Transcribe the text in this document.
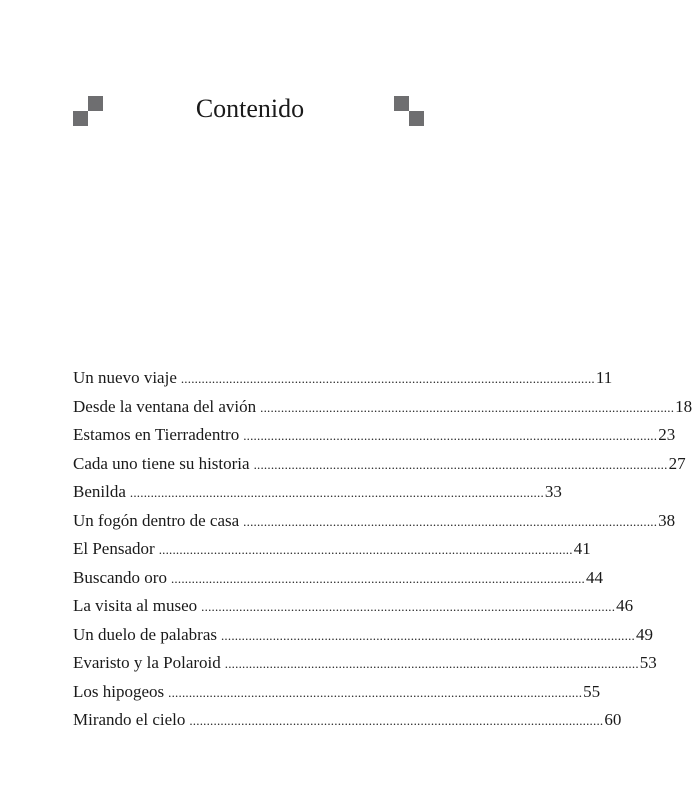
Contenido
Un nuevo viaje ........................................................................................................................ 11
Desde la ventana del avión ........................................................................................................................ 18
Estamos en Tierradentro ........................................................................................................................ 23
Cada uno tiene su historia ........................................................................................................................ 27
Benilda ........................................................................................................................ 33
Un fogón dentro de casa ........................................................................................................................ 38
El Pensador ........................................................................................................................ 41
Buscando oro ........................................................................................................................ 44
La visita al museo ........................................................................................................................ 46
Un duelo de palabras ........................................................................................................................ 49
Evaristo y la Polaroid ........................................................................................................................ 53
Los hipogeos ........................................................................................................................ 55
Mirando el cielo ........................................................................................................................ 60
